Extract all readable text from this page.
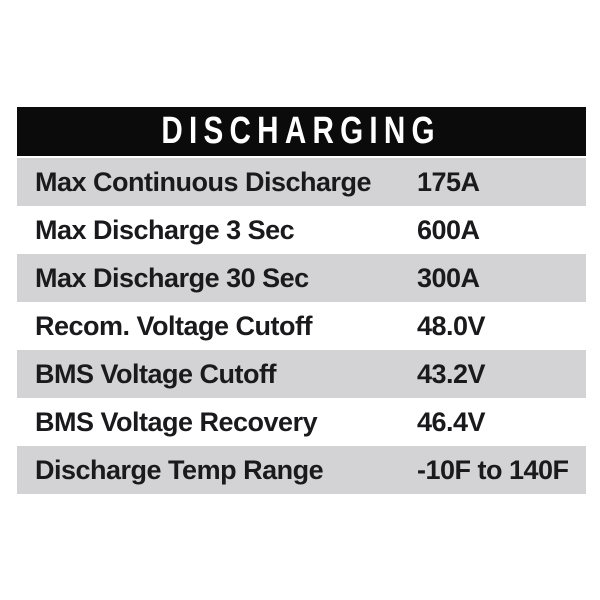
DISCHARGING
Max Continuous Discharge 175A
Max Discharge 3 Sec	600A
Max Discharge 30 Sec	300A
Recom. Voltage Cutoff	48.0V
BMS Voltage Cutoff	43.2V
BMS Voltage Recovery	46.4V
Discharge Temp Range	-10F to 140F
